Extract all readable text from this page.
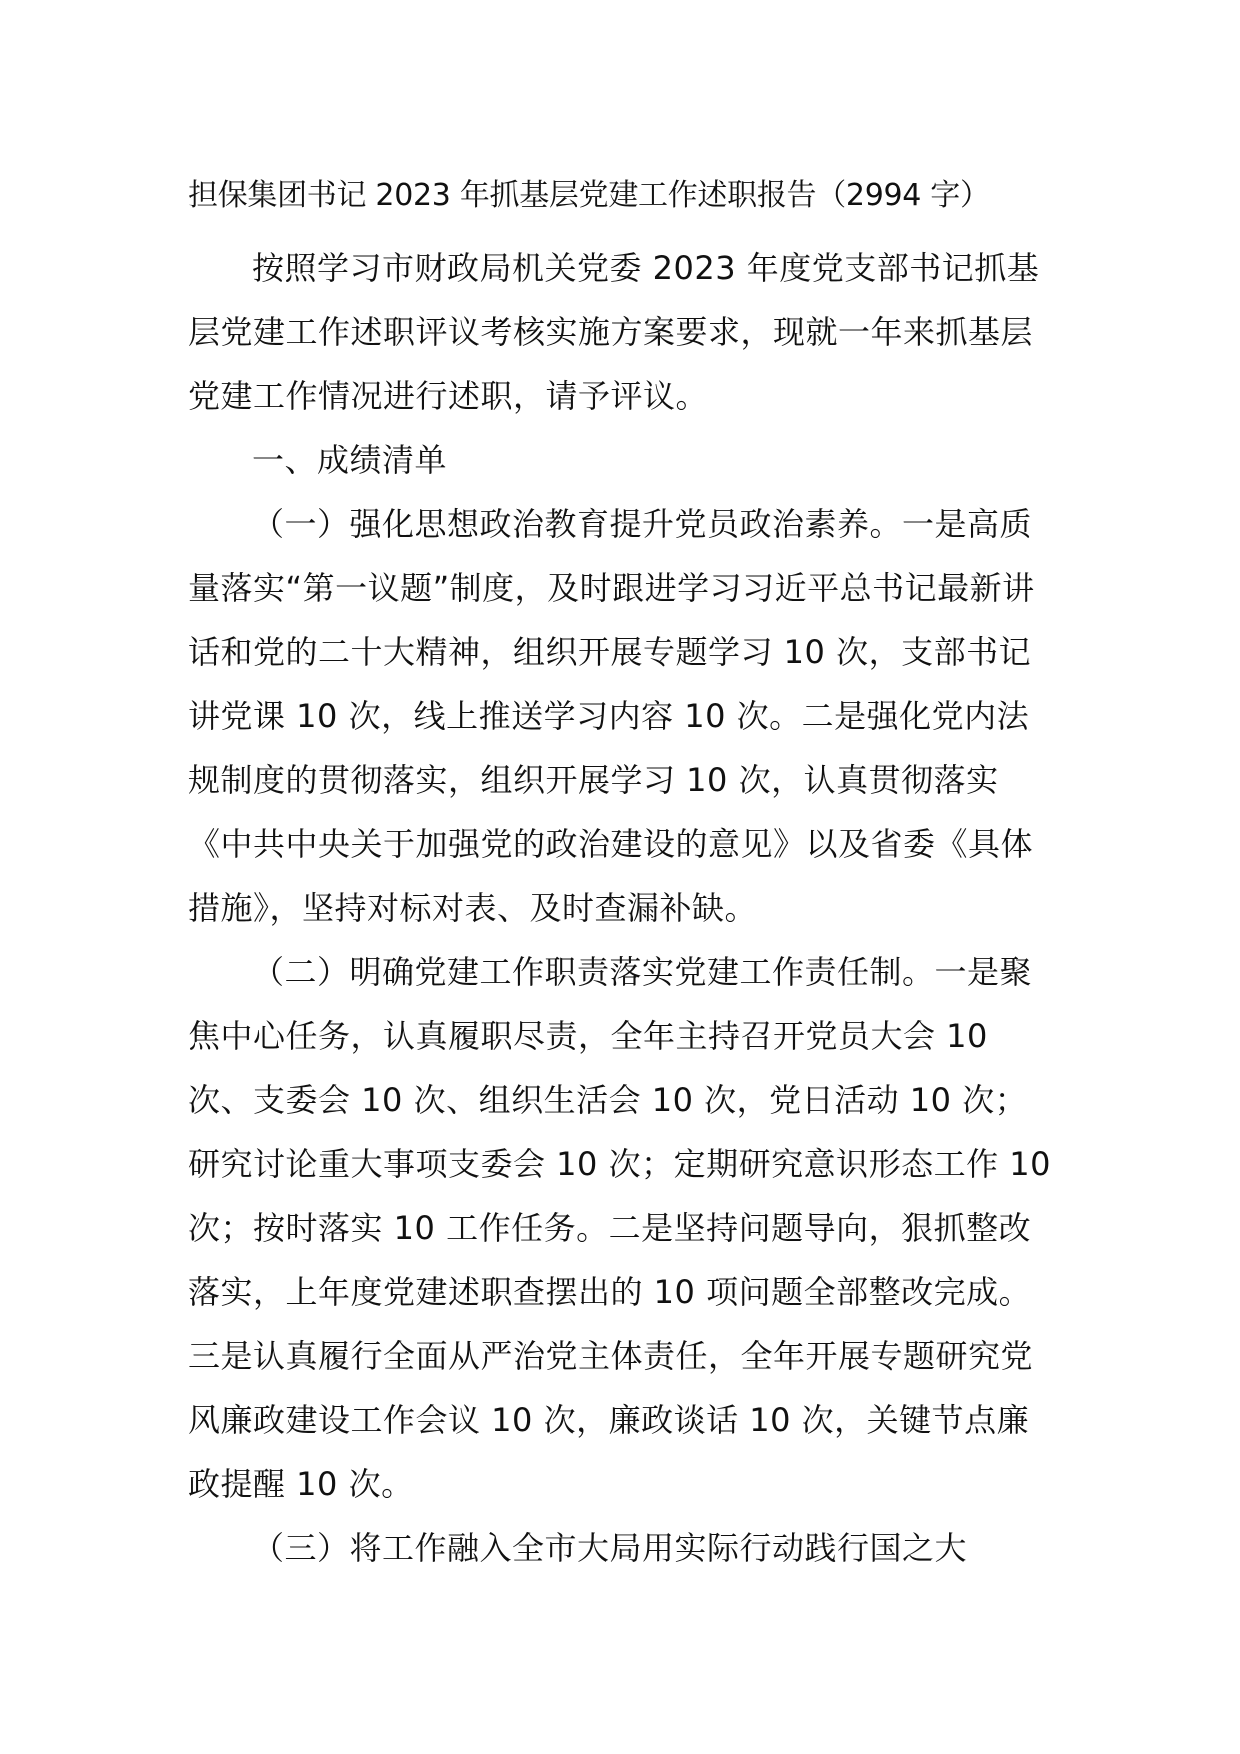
担保集团书记 2023 年抓基层党建工作述职报告（2994 字）

按照学习市财政局机关党委 2023 年度党支部书记抓基层党建工作述职评议考核实施方案要求，现就一年来抓基层党建工作情况进行述职，请予评议。

一、成绩清单

（一）强化思想政治教育提升党员政治素养。一是高质量落实“第一议题”制度，及时跟进学习习近平总书记最新讲话和党的二十大精神，组织开展专题学习 10 次，支部书记讲党课 10 次，线上推送学习内容 10 次。二是强化党内法规制度的贯彻落实，组织开展学习 10 次，认真贯彻落实《中共中央关于加强党的政治建设的意见》以及省委《具体措施》，坚持对标对表、及时查漏补缺。

（二）明确党建工作职责落实党建工作责任制。一是聚焦中心任务，认真履职尽责，全年主持召开党员大会 10 次、支委会 10 次、组织生活会 10 次，党日活动 10 次；研究讨论重大事项支委会 10 次；定期研究意识形态工作 10 次；按时落实 10 工作任务。二是坚持问题导向，狠抓整改落实，上年度党建述职查摆出的 10 项问题全部整改完成。三是认真履行全面从严治党主体责任，全年开展专题研究党风廉政建设工作会议 10 次，廉政谈话 10 次，关键节点廉政提醒 10 次。

（三）将工作融入全市大局用实际行动践行国之大
